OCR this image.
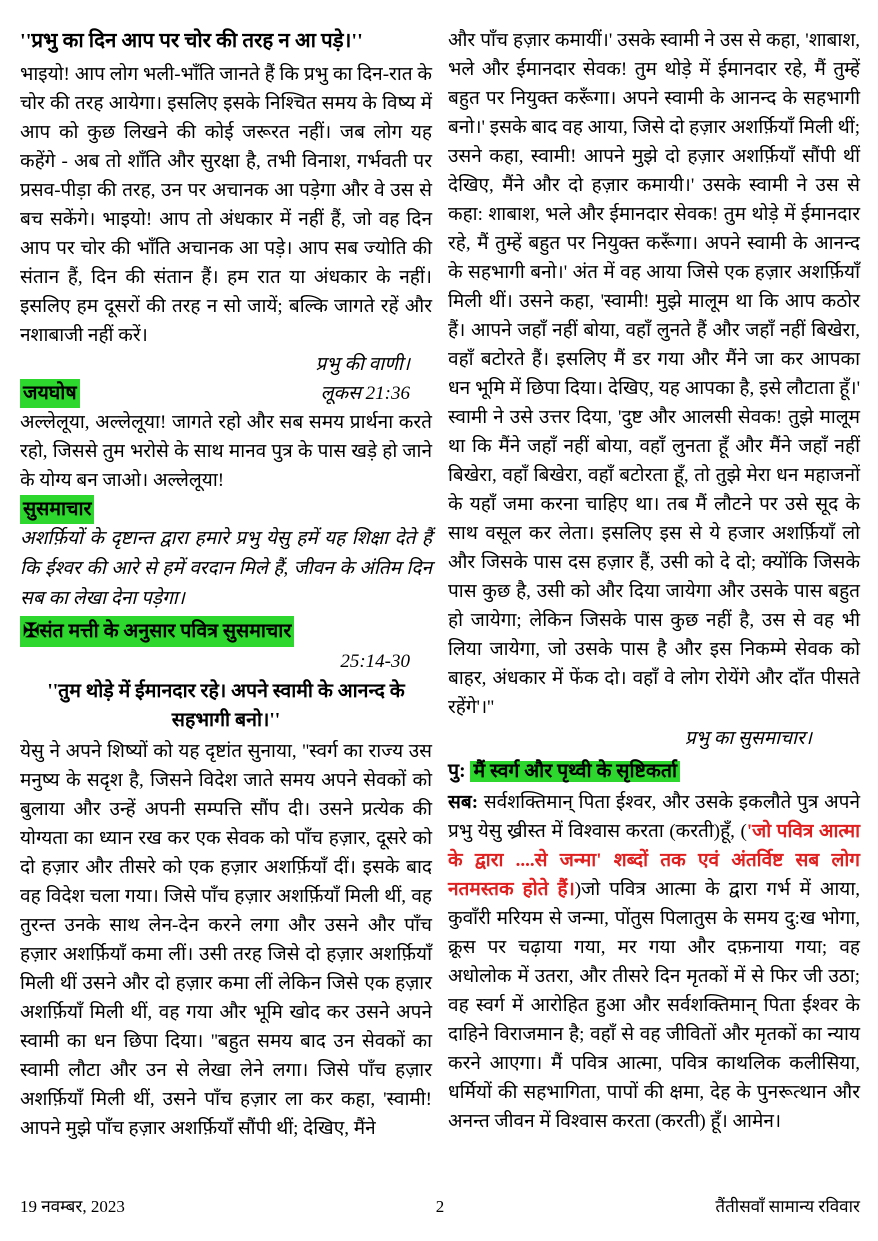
''प्रभु का दिन आप पर चोर की तरह न आ पड़े।''

भाइयो! आप लोग भली-भाँति जानते हैं कि प्रभु का दिन-रात के चोर की तरह आयेगा। इसलिए इसके निश्चित समय के विष्य में आप को कुछ लिखने की कोई जरूरत नहीं। जब लोग यह कहेंगे - अब तो शाँति और सुरक्षा है, तभी विनाश, गर्भवती पर प्रसव-पीड़ा की तरह, उन पर अचानक आ पड़ेगा और वे उस से बच सकेंगे। भाइयो! आप तो अंधकार में नहीं हैं, जो वह दिन आप पर चोर की भाँति अचानक आ पड़े। आप सब ज्योति की संतान हैं, दिन की संतान हैं। हम रात या अंधकार के नहीं। इसलिए हम दूसरों की तरह न सो जायें; बल्कि जागते रहें और नशाबाजी नहीं करें।

प्रभु की वाणी।

जयघोष	लूकस 21:36

अल्लेलूया, अल्लेलूया! जागते रहो और सब समय प्रार्थना करते रहो, जिससे तुम भरोसे के साथ मानव पुत्र के पास खड़े हो जाने के योग्य बन जाओ। अल्लेलूया!

सुसमाचार

अशर्फ़ियों के दृष्टान्त द्वारा हमारे प्रभु येसु हमें यह शिक्षा देते हैं कि ईश्वर की आरे से हमें वरदान मिले हैं, जीवन के अंतिम दिन सब का लेखा देना पड़ेगा।

✠संत मत्ती के अनुसार पवित्र सुसमाचार
25:14-30

''तुम थोड़े में ईमानदार रहे। अपने स्वामी के आनन्द के सहभागी बनो।''

येसु ने अपने शिष्यों को यह दृष्टांत सुनाया, ''स्वर्ग का राज्य उस मनुष्य के सदृश है, जिसने विदेश जाते समय अपने सेवकों को बुलाया और उन्हें अपनी सम्पत्ति सौंप दी। उसने प्रत्येक की योग्यता का ध्यान रख कर एक सेवक को पाँच हज़ार, दूसरे को दो हज़ार और तीसरे को एक हज़ार अशर्फ़ियाँ दीं। इसके बाद वह विदेश चला गया। जिसे पाँच हज़ार अशर्फ़ियाँ मिली थीं, वह तुरन्त उनके साथ लेन-देन करने लगा और उसने और पाँच हज़ार अशर्फ़ियाँ कमा लीं। उसी तरह जिसे दो हज़ार अशर्फ़ियाँ मिली थीं उसने और दो हज़ार कमा लीं लेकिन जिसे एक हज़ार अशर्फ़ियाँ मिली थीं, वह गया और भूमि खोद कर उसने अपने स्वामी का धन छिपा दिया। ''बहुत समय बाद उन सेवकों का स्वामी लौटा और उन से लेखा लेने लगा। जिसे पाँच हज़ार अशर्फ़ियाँ मिली थीं, उसने पाँच हज़ार ला कर कहा, 'स्वामी! आपने मुझे पाँच हज़ार अशर्फ़ियाँ सौंपी थीं; देखिए, मैंने

और पाँच हज़ार कमायीं।' उसके स्वामी ने उस से कहा, 'शाबाश, भले और ईमानदार सेवक! तुम थोड़े में ईमानदार रहे, मैं तुम्हें बहुत पर नियुक्त करूँगा। अपने स्वामी के आनन्द के सहभागी बनो।' इसके बाद वह आया, जिसे दो हज़ार अशर्फ़ियाँ मिली थीं; उसने कहा, स्वामी! आपने मुझे दो हज़ार अशर्फ़ियाँ सौंपी थीं देखिए, मैंने और दो हज़ार कमायी।' उसके स्वामी ने उस से कहा: शाबाश, भले और ईमानदार सेवक! तुम थोड़े में ईमानदार रहे, मैं तुम्हें बहुत पर नियुक्त करूँगा। अपने स्वामी के आनन्द के सहभागी बनो।' अंत में वह आया जिसे एक हज़ार अशर्फ़ियाँ मिली थीं। उसने कहा, 'स्वामी! मुझे मालूम था कि आप कठोर हैं। आपने जहाँ नहीं बोया, वहाँ लुनते हैं और जहाँ नहीं बिखेरा, वहाँ बटोरते हैं। इसलिए मैं डर गया और मैंने जा कर आपका धन भूमि में छिपा दिया। देखिए, यह आपका है, इसे लौटाता हूँ।' स्वामी ने उसे उत्तर दिया, 'दुष्ट और आलसी सेवक! तुझे मालूम था कि मैंने जहाँ नहीं बोया, वहाँ लुनता हूँ और मैंने जहाँ नहीं बिखेरा, वहाँ बिखेरा, वहाँ बटोरता हूँ, तो तुझे मेरा धन महाजनों के यहाँ जमा करना चाहिए था। तब मैं लौटने पर उसे सूद के साथ वसूल कर लेता। इसलिए इस से ये हजार अशर्फ़ियाँ लो और जिसके पास दस हज़ार हैं, उसी को दे दो; क्योंकि जिसके पास कुछ है, उसी को और दिया जायेगा और उसके पास बहुत हो जायेगा; लेकिन जिसके पास कुछ नहीं है, उस से वह भी लिया जायेगा, जो उसके पास है और इस निकम्मे सेवक को बाहर, अंधकार में फेंक दो। वहाँ वे लोग रोयेंगे और दाँत पीसते रहेंगे'।''

प्रभु का सुसमाचार।

पु: मैं स्वर्ग और पृथ्वी के सृष्टिकर्ता

सब: सर्वशक्तिमान् पिता ईश्वर, और उसके इकलौते पुत्र अपने प्रभु येसु ख्रीस्त में विश्वास करता (करती)हूँ, ('जो पवित्र आत्मा के द्वारा ....से जन्मा' शब्दों तक एवं अंतर्विष्ट सब लोग नतमस्तक होते हैं।)जो पवित्र आत्मा के द्वारा गर्भ में आया, कुवाँरी मरियम से जन्मा, पोंतुस पिलातुस के समय दु:ख भोगा, क्रूस पर चढ़ाया गया, मर गया और दफ़नाया गया; वह अधोलोक में उतरा, और तीसरे दिन मृतकों में से फिर जी उठा; वह स्वर्ग में आरोहित हुआ और सर्वशक्तिमान् पिता ईश्वर के दाहिने विराजमान है; वहाँ से वह जीवितों और मृतकों का न्याय करने आएगा। मैं पवित्र आत्मा, पवित्र काथलिक कलीसिया, धर्मियों की सहभागिता, पापों की क्षमा, देह के पुनरूत्थान और अनन्त जीवन में विश्वास करता (करती) हूँ। आमेन।

2
19 नवम्बर, 2023	तैंतीसवाँ सामान्य रविवार
